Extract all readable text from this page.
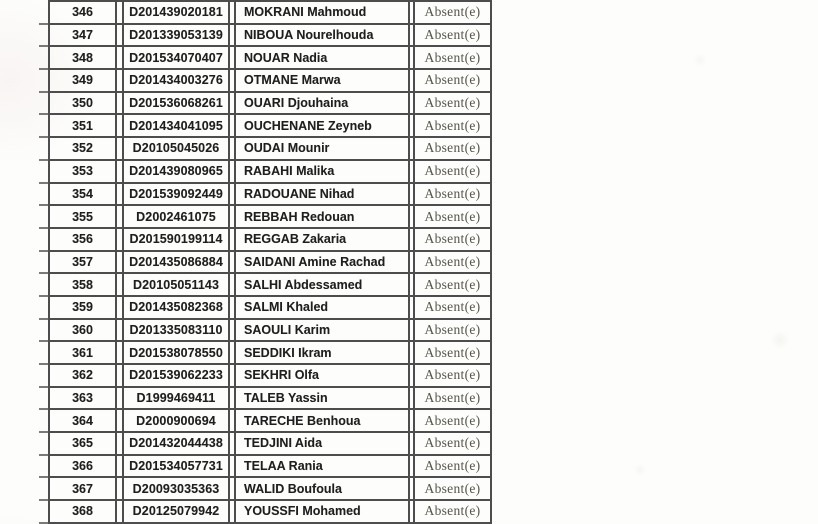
346	D201439020181	MOKRANI Mahmoud	Absent(e)
347	D201339053139	NIBOUA Nourelhouda	Absent(e)
348	D201534070407	NOUAR Nadia	Absent(e)
349	D201434003276	OTMANE Marwa	Absent(e)
350	D201536068261	OUARI Djouhaina	Absent(e)
351	D201434041095	OUCHENANE Zeyneb	Absent(e)
352	D20105045026	OUDAI Mounir	Absent(e)
353	D201439080965	RABAHI Malika	Absent(e)
354	D201539092449	RADOUANE Nihad	Absent(e)
355	D2002461075	REBBAH Redouan	Absent(e)
356	D201590199114	REGGAB Zakaria	Absent(e)
357	D201435086884	SAIDANI Amine Rachad	Absent(e)
358	D20105051143	SALHI Abdessamed	Absent(e)
359	D201435082368	SALMI Khaled	Absent(e)
360	D201335083110	SAOULI Karim	Absent(e)
361	D201538078550	SEDDIKI Ikram	Absent(e)
362	D201539062233	SEKHRI Olfa	Absent(e)
363	D1999469411	TALEB Yassin	Absent(e)
364	D2000900694	TARECHE Benhoua	Absent(e)
365	D201432044438	TEDJINI Aida	Absent(e)
366	D201534057731	TELAA Rania	Absent(e)
367	D20093035363	WALID Boufoula	Absent(e)
368	D20125079942	YOUSSFI Mohamed	Absent(e)
